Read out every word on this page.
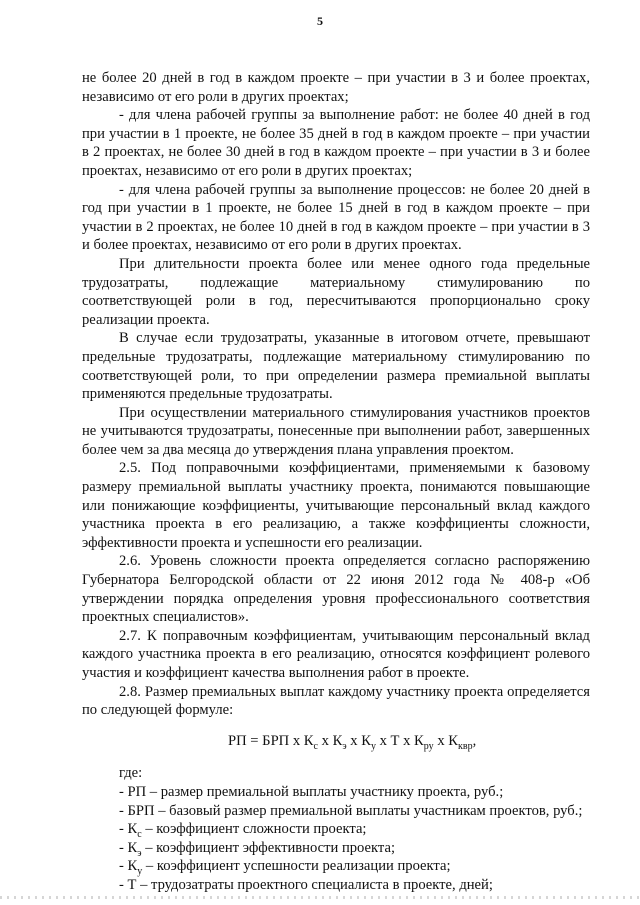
5

не более 20 дней в год в каждом проекте – при участии в 3 и более проектах, независимо от его роли в других проектах;

- для члена рабочей группы за выполнение работ: не более 40 дней в год при участии в 1 проекте, не более 35 дней в год в каждом проекте – при участии в 2 проектах, не более 30 дней в год в каждом проекте – при участии в 3 и более проектах, независимо от его роли в других проектах;

- для члена рабочей группы за выполнение процессов: не более 20 дней в год при участии в 1 проекте, не более 15 дней в год в каждом проекте – при участии в 2 проектах, не более 10 дней в год в каждом проекте – при участии в 3 и более проектах, независимо от его роли в других проектах.

При длительности проекта более или менее одного года предельные трудозатраты, подлежащие материальному стимулированию по соответствующей роли в год, пересчитываются пропорционально сроку реализации проекта.

В случае если трудозатраты, указанные в итоговом отчете, превышают предельные трудозатраты, подлежащие материальному стимулированию по соответствующей роли, то при определении размера премиальной выплаты применяются предельные трудозатраты.

При осуществлении материального стимулирования участников проектов не учитываются трудозатраты, понесенные при выполнении работ, завершенных более чем за два месяца до утверждения плана управления проектом.

2.5. Под поправочными коэффициентами, применяемыми к базовому размеру премиальной выплаты участнику проекта, понимаются повышающие или понижающие коэффициенты, учитывающие персональный вклад каждого участника проекта в его реализацию, а также коэффициенты сложности, эффективности проекта и успешности его реализации.

2.6. Уровень сложности проекта определяется согласно распоряжению Губернатора Белгородской области от 22 июня 2012 года № 408-р «Об утверждении порядка определения уровня профессионального соответствия проектных специалистов».

2.7. К поправочным коэффициентам, учитывающим персональный вклад каждого участника проекта в его реализацию, относятся коэффициент ролевого участия и коэффициент качества выполнения работ в проекте.

2.8. Размер премиальных выплат каждому участнику проекта определяется по следующей формуле:

РП = БРП x $К_с$ x $К_э$ x $К_у$ x Т x $К_{ру}$ x $К_{квр}$,

где:

- РП – размер премиальной выплаты участнику проекта, руб.;

- БРП – базовый размер премиальной выплаты участникам проектов, руб.;

- $К_с$ – коэффициент сложности проекта;

- $К_э$ – коэффициент эффективности проекта;

- $К_у$ – коэффициент успешности реализации проекта;

- Т – трудозатраты проектного специалиста в проекте, дней;
